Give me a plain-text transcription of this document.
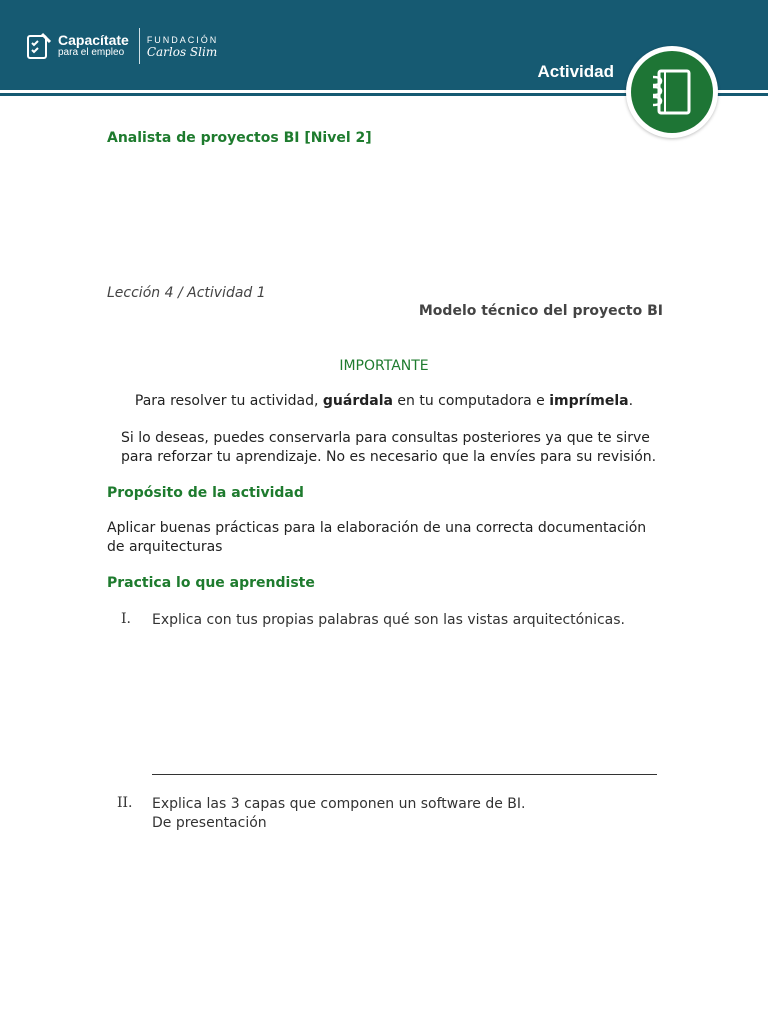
Capacítate
para el empleo
FUNDACIÓN
Carlos Slim
Actividad
Analista de proyectos BI [Nivel 2]
Lección 4 / Actividad 1
Modelo técnico del proyecto BI
IMPORTANTE
Para resolver tu actividad, guárdala en tu computadora e imprímela.
Si lo deseas, puedes conservarla para consultas posteriores ya que te sirve para reforzar tu aprendizaje. No es necesario que la envíes para su revisión.
Propósito de la actividad
Aplicar buenas prácticas para la elaboración de una correcta documentación de arquitecturas
Practica lo que aprendiste
I. Explica con tus propias palabras qué son las vistas arquitectónicas.
II. Explica las 3 capas que componen un software de BI.
De presentación
